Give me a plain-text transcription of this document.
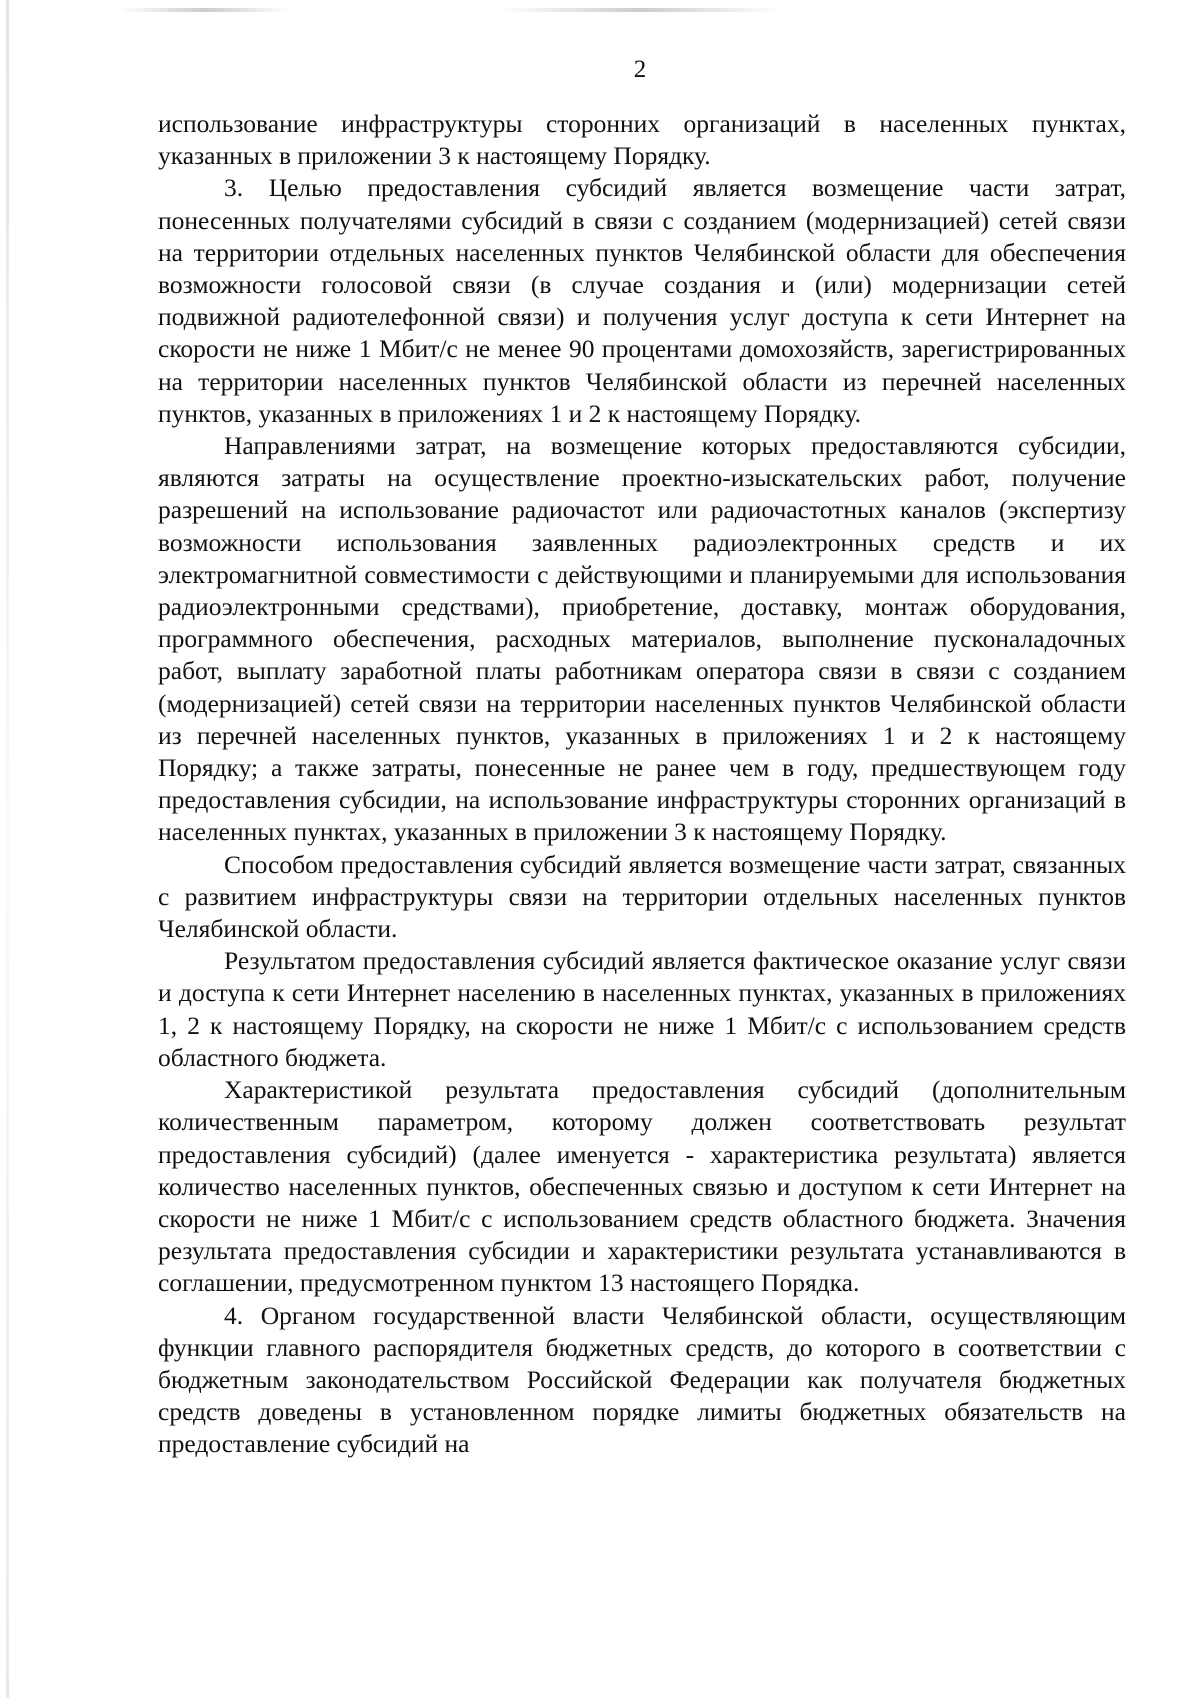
2

использование инфраструктуры сторонних организаций в населенных пунктах, указанных в приложении 3 к настоящему Порядку.

3. Целью предоставления субсидий является возмещение части затрат, понесенных получателями субсидий в связи с созданием (модернизацией) сетей связи на территории отдельных населенных пунктов Челябинской области для обеспечения возможности голосовой связи (в случае создания и (или) модернизации сетей подвижной радиотелефонной связи) и получения услуг доступа к сети Интернет на скорости не ниже 1 Мбит/с не менее 90 процентами домохозяйств, зарегистрированных на территории населенных пунктов Челябинской области из перечней населенных пунктов, указанных в приложениях 1 и 2 к настоящему Порядку.

Направлениями затрат, на возмещение которых предоставляются субсидии, являются затраты на осуществление проектно-изыскательских работ, получение разрешений на использование радиочастот или радиочастотных каналов (экспертизу возможности использования заявленных радиоэлектронных средств и их электромагнитной совместимости с действующими и планируемыми для использования радиоэлектронными средствами), приобретение, доставку, монтаж оборудования, программного обеспечения, расходных материалов, выполнение пусконаладочных работ, выплату заработной платы работникам оператора связи в связи с созданием (модернизацией) сетей связи на территории населенных пунктов Челябинской области из перечней населенных пунктов, указанных в приложениях 1 и 2 к настоящему Порядку; а также затраты, понесенные не ранее чем в году, предшествующем году предоставления субсидии, на использование инфраструктуры сторонних организаций в населенных пунктах, указанных в приложении 3 к настоящему Порядку.

Способом предоставления субсидий является возмещение части затрат, связанных с развитием инфраструктуры связи на территории отдельных населенных пунктов Челябинской области.

Результатом предоставления субсидий является фактическое оказание услуг связи и доступа к сети Интернет населению в населенных пунктах, указанных в приложениях 1, 2 к настоящему Порядку, на скорости не ниже 1 Мбит/с с использованием средств областного бюджета.

Характеристикой результата предоставления субсидий (дополнительным количественным параметром, которому должен соответствовать результат предоставления субсидий) (далее именуется - характеристика результата) является количество населенных пунктов, обеспеченных связью и доступом к сети Интернет на скорости не ниже 1 Мбит/с с использованием средств областного бюджета. Значения результата предоставления субсидии и характеристики результата устанавливаются в соглашении, предусмотренном пунктом 13 настоящего Порядка.

4. Органом государственной власти Челябинской области, осуществляющим функции главного распорядителя бюджетных средств, до которого в соответствии с бюджетным законодательством Российской Федерации как получателя бюджетных средств доведены в установленном порядке лимиты бюджетных обязательств на предоставление субсидий на
